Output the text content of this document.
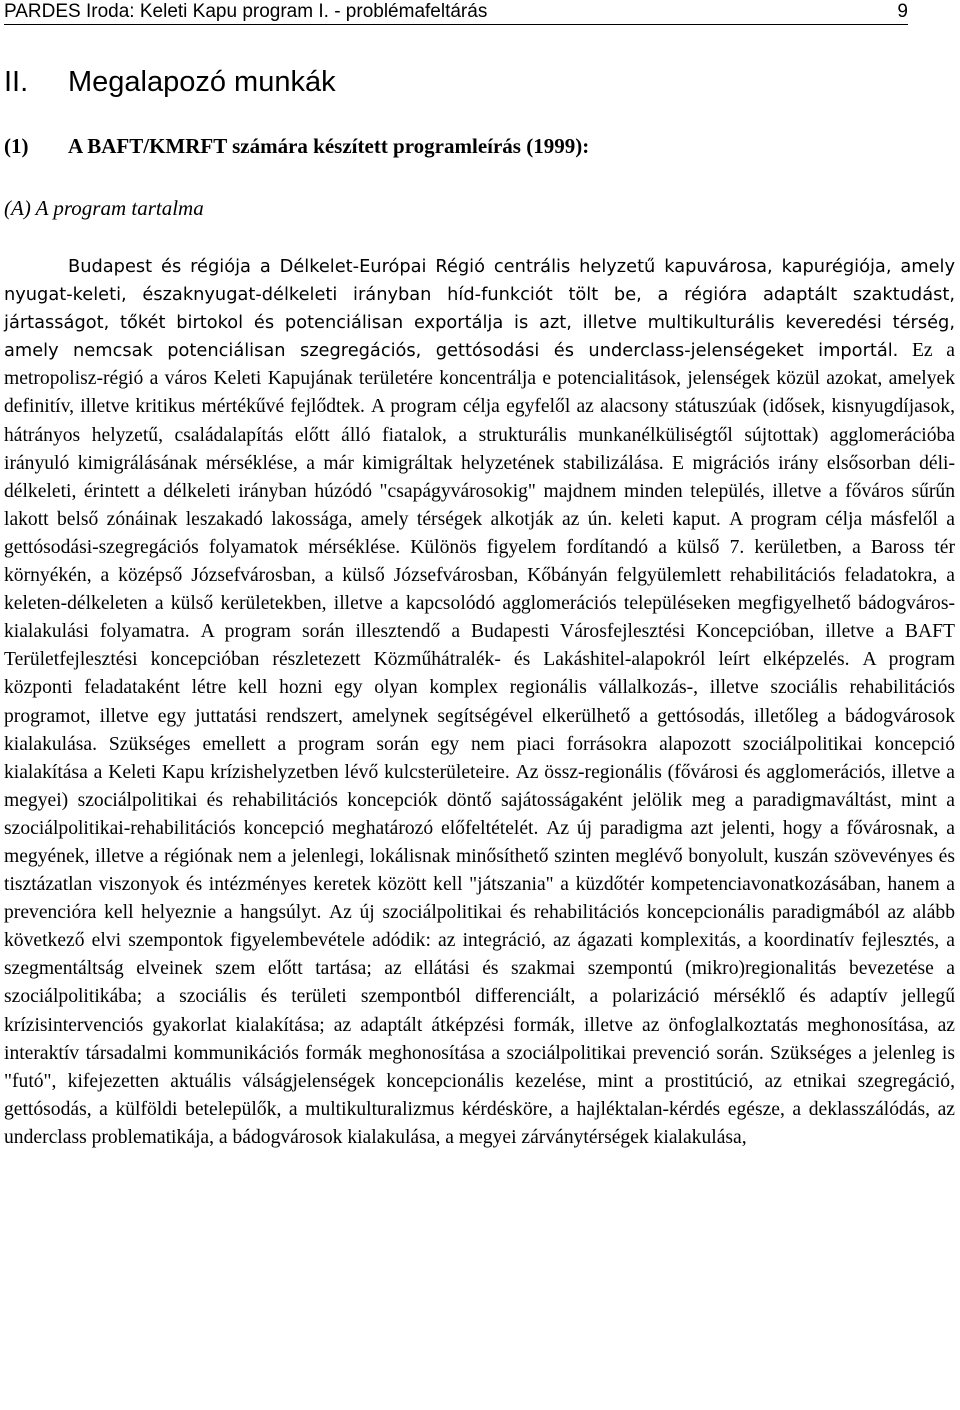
PARDES Iroda: Keleti Kapu program I. - problémafeltárás	9
II. Megalapozó munkák
(1) A BAFT/KMRFT számára készített programleírás (1999):
(A) A program tartalma
Budapest és régiója a Délkelet-Európai Régió centrális helyzetű kapuvárosa, kapurégiója, amely nyugat-keleti, északnyugat-délkeleti irányban híd-funkciót tölt be, a régióra adaptált szaktudást, jártasságot, tőkét birtokol és potenciálisan exportálja is azt, illetve multikulturális keveredési térség, amely nemcsak potenciálisan szegregációs, gettósodási és underclass-jelenségeket importál. Ez a metropolisz-régió a város Keleti Kapujának területére koncentrálja e potencialitások, jelenségek közül azokat, amelyek definitív, illetve kritikus mértékűvé fejlődtek. A program célja egyfelől az alacsony státuszúak (idősek, kisnyugdíjasok, hátrányos helyzetű, családalapítás előtt álló fiatalok, a strukturális munkanélküliségtől sújtottak) agglomerációba irányuló kimigrálásának mérséklése, a már kimigráltak helyzetének stabilizálása. E migrációs irány elsősorban déli-délkeleti, érintett a délkeleti irányban húzódó "csapágyvárosokig" majdnem minden település, illetve a főváros sűrűn lakott belső zónáinak leszakadó lakossága, amely térségek alkotják az ún. keleti kaput. A program célja másfelől a gettósodási-szegregációs folyamatok mérséklése. Különös figyelem fordítandó a külső 7. kerületben, a Baross tér környékén, a középső Józsefvárosban, a külső Józsefvárosban, Kőbányán felgyülemlett rehabilitációs feladatokra, a keleten-délkeleten a külső kerületekben, illetve a kapcsolódó agglomerációs településeken megfigyelhető bádogváros-kialakulási folyamatra. A program során illesztendő a Budapesti Városfejlesztési Koncepcióban, illetve a BAFT Területfejlesztési koncepcióban részletezett Közműhátralék- és Lakáshitel-alapokról leírt elképzelés. A program központi feladataként létre kell hozni egy olyan komplex regionális vállalkozás-, illetve szociális rehabilitációs programot, illetve egy juttatási rendszert, amelynek segítségével elkerülhető a gettósodás, illetőleg a bádogvárosok kialakulása. Szükséges emellett a program során egy nem piaci forrásokra alapozott szociálpolitikai koncepció kialakítása a Keleti Kapu krízishelyzetben lévő kulcsterületeire. Az össz-regionális (fővárosi és agglomerációs, illetve a megyei) szociálpolitikai és rehabilitációs koncepciók döntő sajátosságaként jelölik meg a paradigmaváltást, mint a szociálpolitikai-rehabilitációs koncepció meghatározó előfeltételét. Az új paradigma azt jelenti, hogy a fővárosnak, a megyének, illetve a régiónak nem a jelenlegi, lokálisnak minősíthető szinten meglévő bonyolult, kuszán szövevényes és tisztázatlan viszonyok és intézményes keretek között kell "játszania" a küzdőtér kompetenciavonatkozásában, hanem a prevencióra kell helyeznie a hangsúlyt. Az új szociálpolitikai és rehabilitációs koncepcionális paradigmából az alább következő elvi szempontok figyelembevétele adódik: az integráció, az ágazati komplexitás, a koordinatív fejlesztés, a szegmentáltság elveinek szem előtt tartása; az ellátási és szakmai szempontú (mikro)regionalitás bevezetése a szociálpolitikába; a szociális és területi szempontból differenciált, a polarizáció mérséklő és adaptív jellegű krízisintervenciós gyakorlat kialakítása; az adaptált átképzési formák, illetve az önfoglalkoztatás meghonosítása, az interaktív társadalmi kommunikációs formák meghonosítása a szociálpolitikai prevenció során. Szükséges a jelenleg is "futó", kifejezetten aktuális válságjelenségek koncepcionális kezelése, mint a prostitúció, az etnikai szegregáció, gettósodás, a külföldi betelepülők, a multikulturalizmus kérdésköre, a hajléktalan-kérdés egésze, a deklasszálódás, az underclass problematikája, a bádogvárosok kialakulása, a megyei zárványtérségek kialakulása,
